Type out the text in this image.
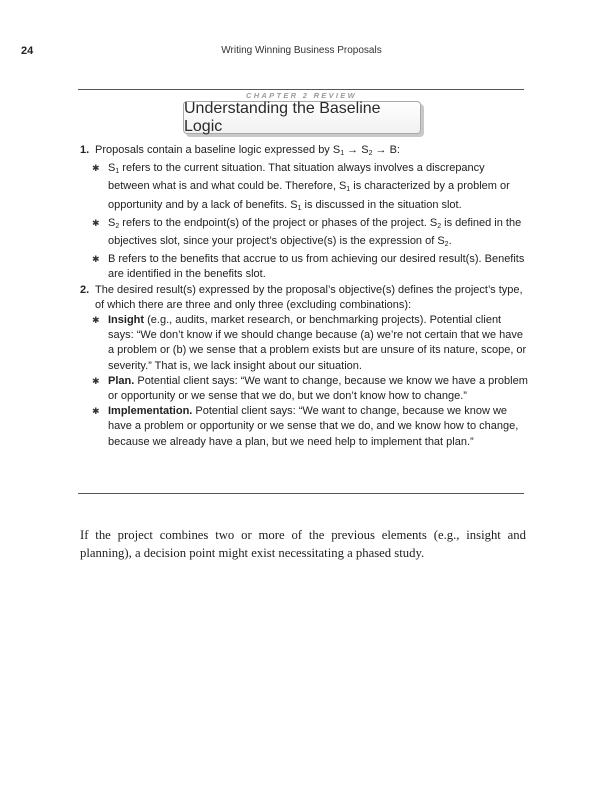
24	Writing Winning Business Proposals
CHAPTER 2 REVIEW
Understanding the Baseline Logic
1. Proposals contain a baseline logic expressed by $S_1 \to S_2 \to B$:

✱ $S_1$ refers to the current situation. That situation always involves a discrepancy between what is and what could be. Therefore, $S_1$ is characterized by a problem or opportunity and by a lack of benefits. $S_1$ is discussed in the situation slot.
✱ $S_2$ refers to the endpoint(s) of the project or phases of the project. $S_2$ is defined in the objectives slot, since your project’s objective(s) is the expression of $S_2$.
✱ B refers to the benefits that accrue to us from achieving our desired result(s). Benefits are identified in the benefits slot.
2. The desired result(s) expressed by the proposal’s objective(s) defines the project’s type, of which there are three and only three (excluding combinations):

✱ Insight (e.g., audits, market research, or benchmarking projects). Potential client says: “We don’t know if we should change because (a) we’re not certain that we have a problem or (b) we sense that a problem exists but are unsure of its nature, scope, or severity.” That is, we lack insight about our situation.
✱ Plan. Potential client says: “We want to change, because we know we have a problem or opportunity or we sense that we do, but we don’t know how to change.”
✱ Implementation. Potential client says: “We want to change, because we know we have a problem or opportunity or we sense that we do, and we know how to change, because we already have a plan, but we need help to implement that plan.”

If the project combines two or more of the previous elements (e.g., insight and planning), a decision point might exist necessitating a phased study.
